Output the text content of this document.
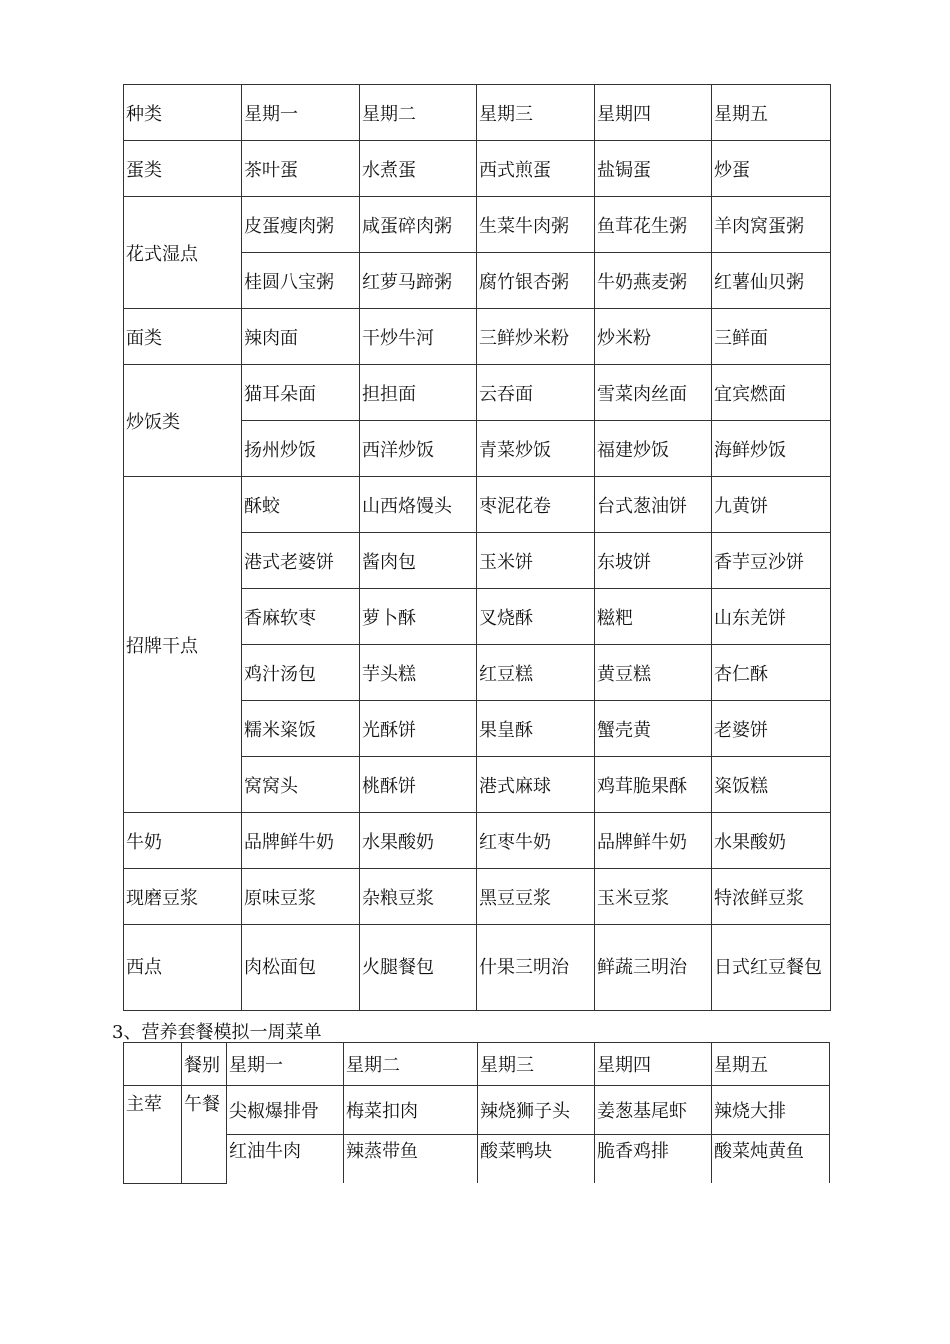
种类	星期一	星期二	星期三	星期四	星期五
蛋类	茶叶蛋	水煮蛋	西式煎蛋	盐锔蛋	炒蛋
花式湿点	皮蛋瘦肉粥	咸蛋碎肉粥	生菜牛肉粥	鱼茸花生粥	羊肉窝蛋粥
	桂圆八宝粥	红萝马蹄粥	腐竹银杏粥	牛奶燕麦粥	红薯仙贝粥
面类	辣肉面	干炒牛河	三鲜炒米粉	炒米粉	三鲜面
炒饭类	猫耳朵面	担担面	云吞面	雪菜肉丝面	宜宾燃面
	扬州炒饭	西洋炒饭	青菜炒饭	福建炒饭	海鲜炒饭
招牌干点	酥蛟	山西烙馒头	枣泥花卷	台式葱油饼	九黄饼
	港式老婆饼	酱肉包	玉米饼	东坡饼	香芋豆沙饼
	香麻软枣	萝卜酥	叉烧酥	糍粑	山东羌饼
	鸡汁汤包	芋头糕	红豆糕	黄豆糕	杏仁酥
	糯米粢饭	光酥饼	果皇酥	蟹壳黄	老婆饼
	窝窝头	桃酥饼	港式麻球	鸡茸脆果酥	粢饭糕
牛奶	品牌鲜牛奶	水果酸奶	红枣牛奶	品牌鲜牛奶	水果酸奶
现磨豆浆	原味豆浆	杂粮豆浆	黑豆豆浆	玉米豆浆	特浓鲜豆浆
西点	肉松面包	火腿餐包	什果三明治	鲜蔬三明治	日式红豆餐包
3、营养套餐模拟一周菜单
	餐别	星期一	星期二	星期三	星期四	星期五
主荤	午餐	尖椒爆排骨	梅菜扣肉	辣烧狮子头	姜葱基尾虾	辣烧大排
		红油牛肉	辣蒸带鱼	酸菜鸭块	脆香鸡排	酸菜炖黄鱼
